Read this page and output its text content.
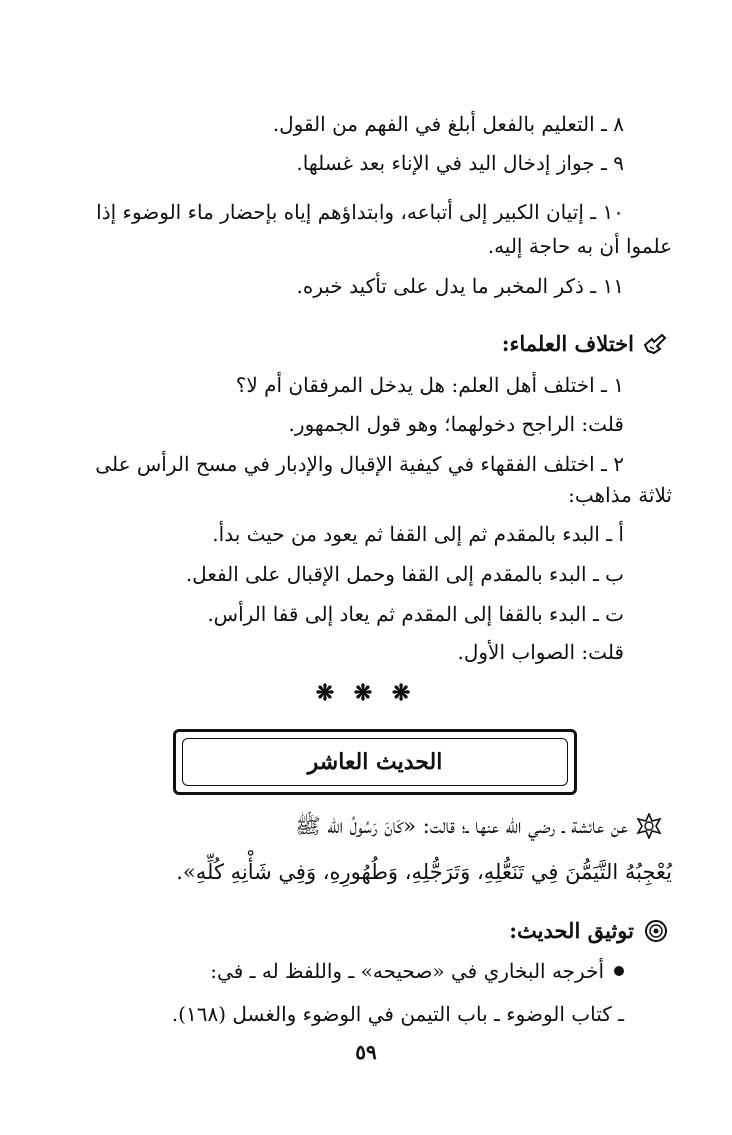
٨ ـ التعليم بالفعل أبلغ في الفهم من القول.
٩ ـ جواز إدخال اليد في الإناء بعد غسلها.
١٠ ـ إتيان الكبير إلى أتباعه، وابتداؤهم إياه بإحضار ماء الوضوء إذا
علموا أن به حاجة إليه.
١١ ـ ذكر المخبر ما يدل على تأكيد خبره.
اختلاف العلماء:
١ ـ اختلف أهل العلم: هل يدخل المرفقان أم لا؟
قلت: الراجح دخولهما؛ وهو قول الجمهور.
٢ ـ اختلف الفقهاء في كيفية الإقبال والإدبار في مسح الرأس على
ثلاثة مذاهب:
أ ـ البدء بالمقدم ثم إلى القفا ثم يعود من حيث بدأ.
ب ـ البدء بالمقدم إلى القفا وحمل الإقبال على الفعل.
ت ـ البدء بالقفا إلى المقدم ثم يعاد إلى قفا الرأس.
قلت: الصواب الأول.
❋ ❋ ❋
الحديث العاشر
عن عائشة ـ رضي الله عنها ـ؛ قالت: «كَانَ رَسُولُ الله ﷺ
يُعْجِبُهُ التَّيَمُّنَ فِي تَنَعُّلِهِ، وَتَرَجُّلِهِ، وَطُهُورِهِ، وَفِي شَأْنِهِ كُلِّهِ».
توثيق الحديث:
أخرجه البخاري في «صحيحه» ـ واللفظ له ـ في:
ـ كتاب الوضوء ـ باب التيمن في الوضوء والغسل (١٦٨).
٥٩
